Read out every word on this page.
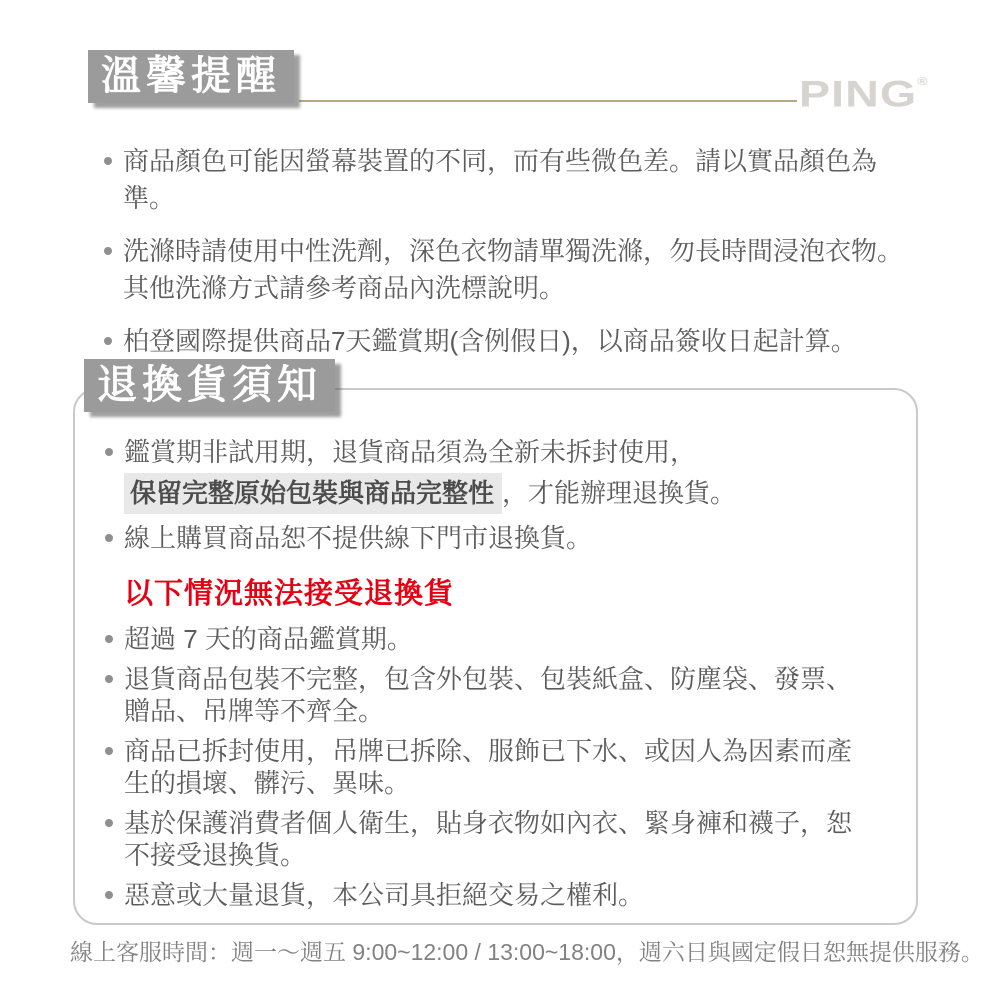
溫馨提醒	PING®
商品顏色可能因螢幕裝置的不同，而有些微色差。請以實品顏色為準。
洗滌時請使用中性洗劑，深色衣物請單獨洗滌，勿長時間浸泡衣物。
其他洗滌方式請參考商品內洗標說明。
柏登國際提供商品7天鑑賞期(含例假日)，以商品簽收日起計算。
退換貨須知
鑑賞期非試用期，退貨商品須為全新未拆封使用，
保留完整原始包裝與商品完整性 ，才能辦理退換貨。
線上購買商品恕不提供線下門市退換貨。
以下情況無法接受退換貨
超過 7 天的商品鑑賞期。
退貨商品包裝不完整，包含外包裝、包裝紙盒、防塵袋、發票、
贈品、吊牌等不齊全。
商品已拆封使用，吊牌已拆除、服飾已下水、或因人為因素而產
生的損壞、髒污、異味。
基於保護消費者個人衛生，貼身衣物如內衣、緊身褲和襪子，恕
不接受退換貨。
惡意或大量退貨，本公司具拒絕交易之權利。
線上客服時間：週一～週五 9:00~12:00 / 13:00~18:00，週六日與國定假日恕無提供服務。
